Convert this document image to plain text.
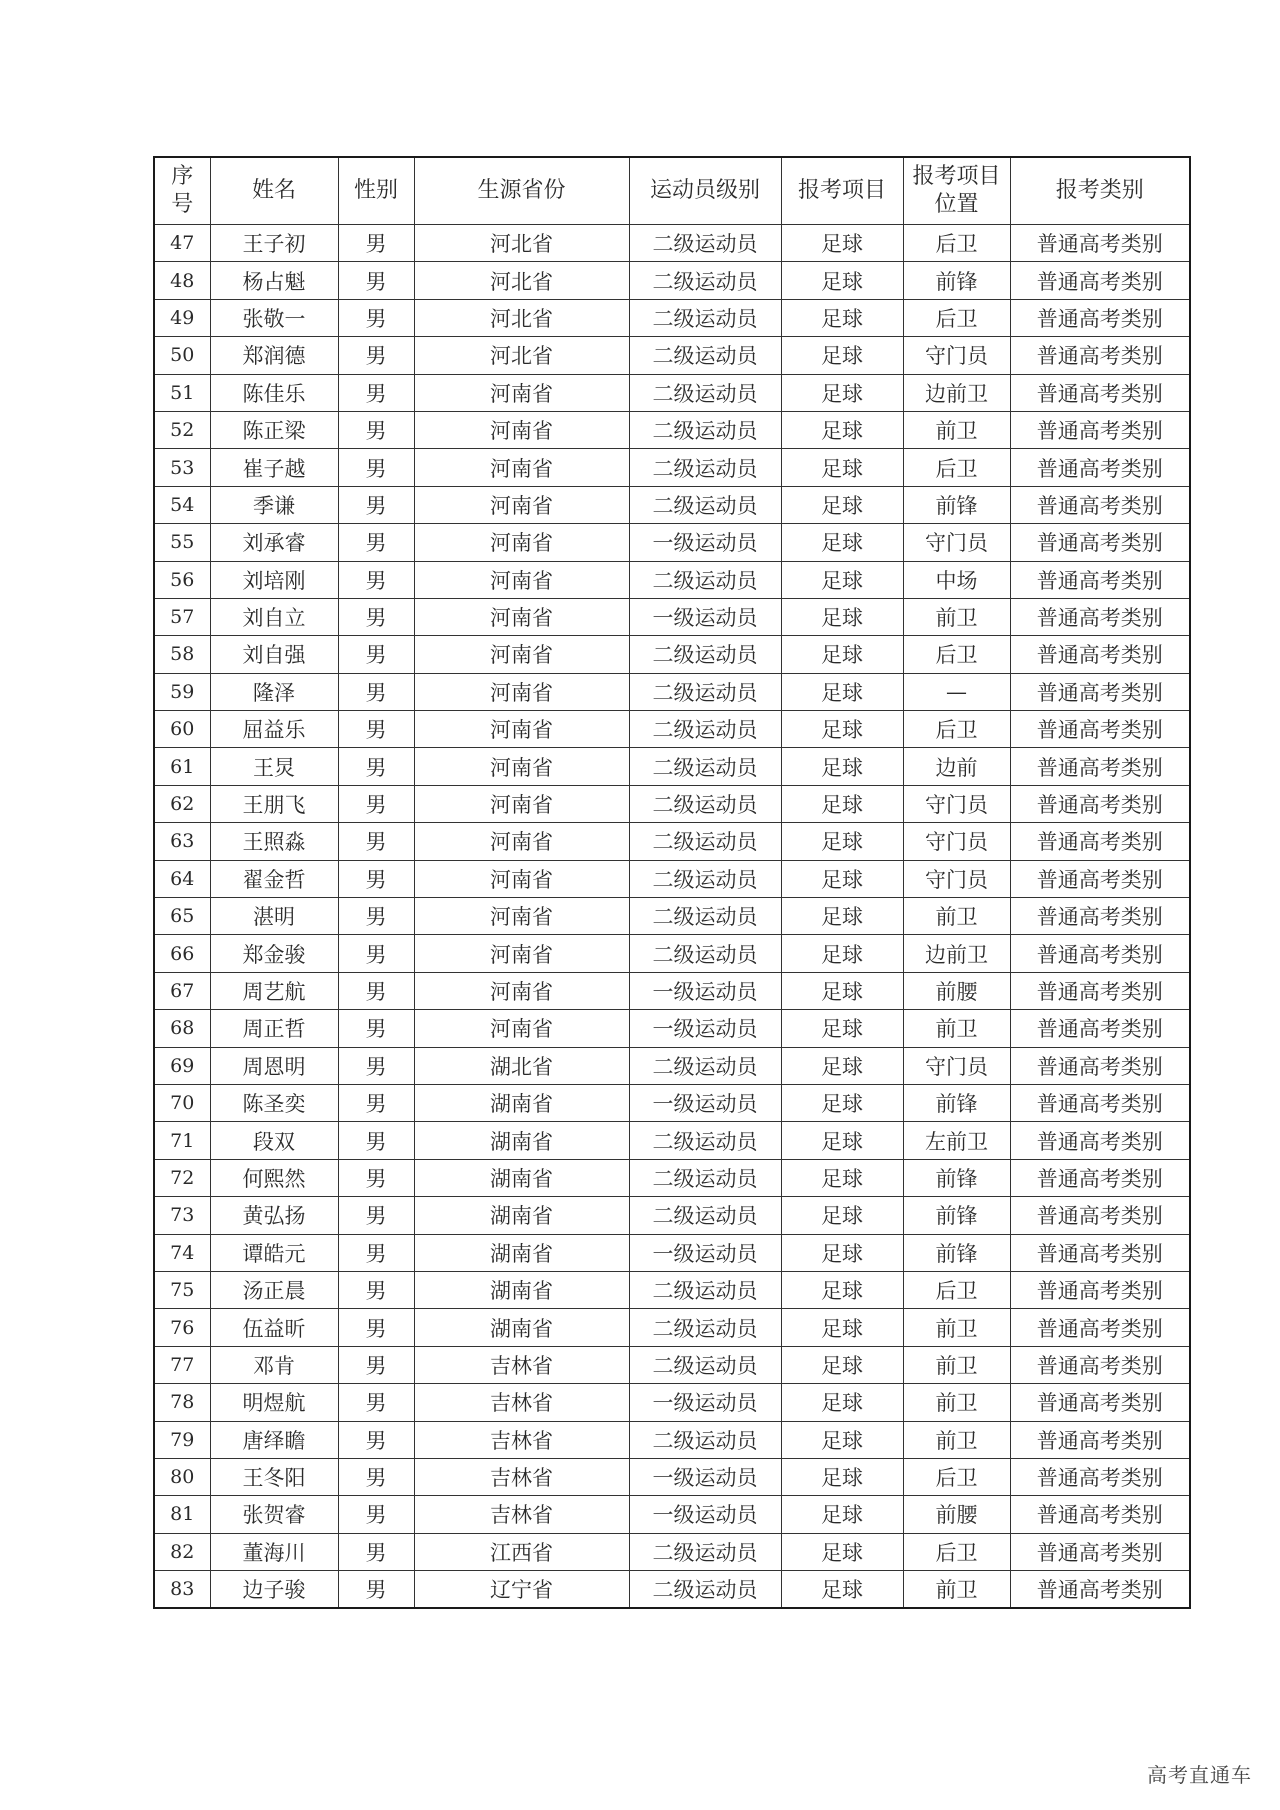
序号	姓名	性别	生源省份	运动员级别	报考项目	报考项目位置	报考类别
47	王子初	男	河北省	二级运动员	足球	后卫	普通高考类别
48	杨占魁	男	河北省	二级运动员	足球	前锋	普通高考类别
49	张敬一	男	河北省	二级运动员	足球	后卫	普通高考类别
50	郑润德	男	河北省	二级运动员	足球	守门员	普通高考类别
51	陈佳乐	男	河南省	二级运动员	足球	边前卫	普通高考类别
52	陈正梁	男	河南省	二级运动员	足球	前卫	普通高考类别
53	崔子越	男	河南省	二级运动员	足球	后卫	普通高考类别
54	季谦	男	河南省	二级运动员	足球	前锋	普通高考类别
55	刘承睿	男	河南省	一级运动员	足球	守门员	普通高考类别
56	刘培刚	男	河南省	二级运动员	足球	中场	普通高考类别
57	刘自立	男	河南省	一级运动员	足球	前卫	普通高考类别
58	刘自强	男	河南省	二级运动员	足球	后卫	普通高考类别
59	隆泽	男	河南省	二级运动员	足球	—	普通高考类别
60	屈益乐	男	河南省	二级运动员	足球	后卫	普通高考类别
61	王炅	男	河南省	二级运动员	足球	边前	普通高考类别
62	王朋飞	男	河南省	二级运动员	足球	守门员	普通高考类别
63	王照淼	男	河南省	二级运动员	足球	守门员	普通高考类别
64	翟金哲	男	河南省	二级运动员	足球	守门员	普通高考类别
65	湛明	男	河南省	二级运动员	足球	前卫	普通高考类别
66	郑金骏	男	河南省	二级运动员	足球	边前卫	普通高考类别
67	周艺航	男	河南省	一级运动员	足球	前腰	普通高考类别
68	周正哲	男	河南省	一级运动员	足球	前卫	普通高考类别
69	周恩明	男	湖北省	二级运动员	足球	守门员	普通高考类别
70	陈圣奕	男	湖南省	一级运动员	足球	前锋	普通高考类别
71	段双	男	湖南省	二级运动员	足球	左前卫	普通高考类别
72	何熙然	男	湖南省	二级运动员	足球	前锋	普通高考类别
73	黄弘扬	男	湖南省	二级运动员	足球	前锋	普通高考类别
74	谭皓元	男	湖南省	一级运动员	足球	前锋	普通高考类别
75	汤正晨	男	湖南省	二级运动员	足球	后卫	普通高考类别
76	伍益昕	男	湖南省	二级运动员	足球	前卫	普通高考类别
77	邓肯	男	吉林省	二级运动员	足球	前卫	普通高考类别
78	明煜航	男	吉林省	一级运动员	足球	前卫	普通高考类别
79	唐绎瞻	男	吉林省	二级运动员	足球	前卫	普通高考类别
80	王冬阳	男	吉林省	一级运动员	足球	后卫	普通高考类别
81	张贺睿	男	吉林省	一级运动员	足球	前腰	普通高考类别
82	董海川	男	江西省	二级运动员	足球	后卫	普通高考类别
83	边子骏	男	辽宁省	二级运动员	足球	前卫	普通高考类别
高考直通车
